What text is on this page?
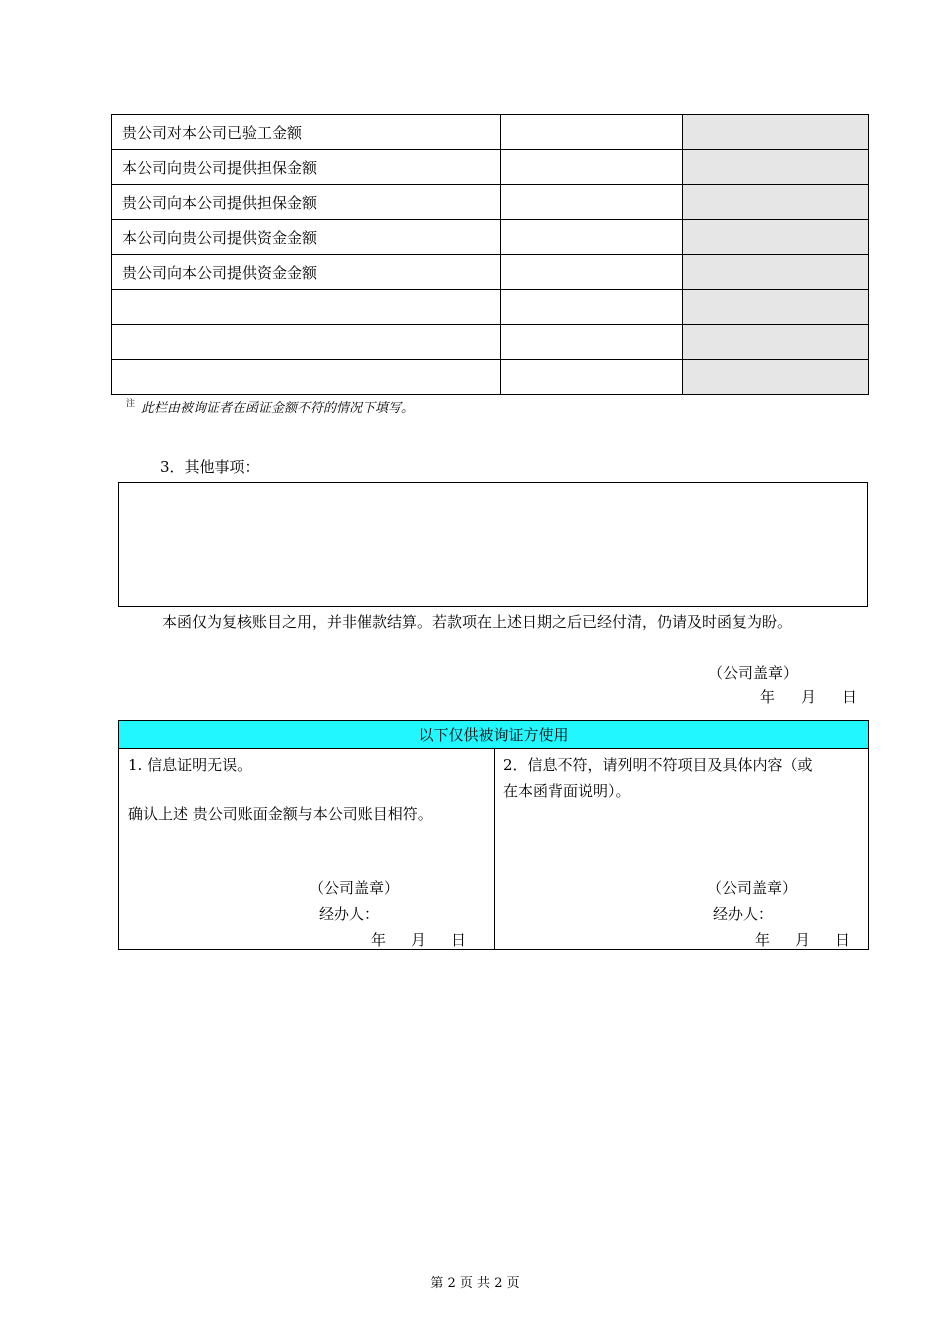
贵公司对本公司已验工金额		
本公司向贵公司提供担保金额		
贵公司向本公司提供担保金额		
本公司向贵公司提供资金金额		
贵公司向本公司提供资金金额		

$^注$ 此栏由被询证者在函证金额不符的情况下填写。
3．其他事项：
本函仅为复核账目之用，并非催款结算。若款项在上述日期之后已经付清，仍请及时函复为盼。
（公司盖章）
年 月 日
以下仅供被询证方使用
1. 信息证明无误。
确认上述 贵公司账面金额与本公司账目相符。
（公司盖章）
经办人：
年 月 日
2．信息不符，请列明不符项目及具体内容（或
在本函背面说明）。
（公司盖章）
经办人：
年 月 日
第 2 页 共 2 页
